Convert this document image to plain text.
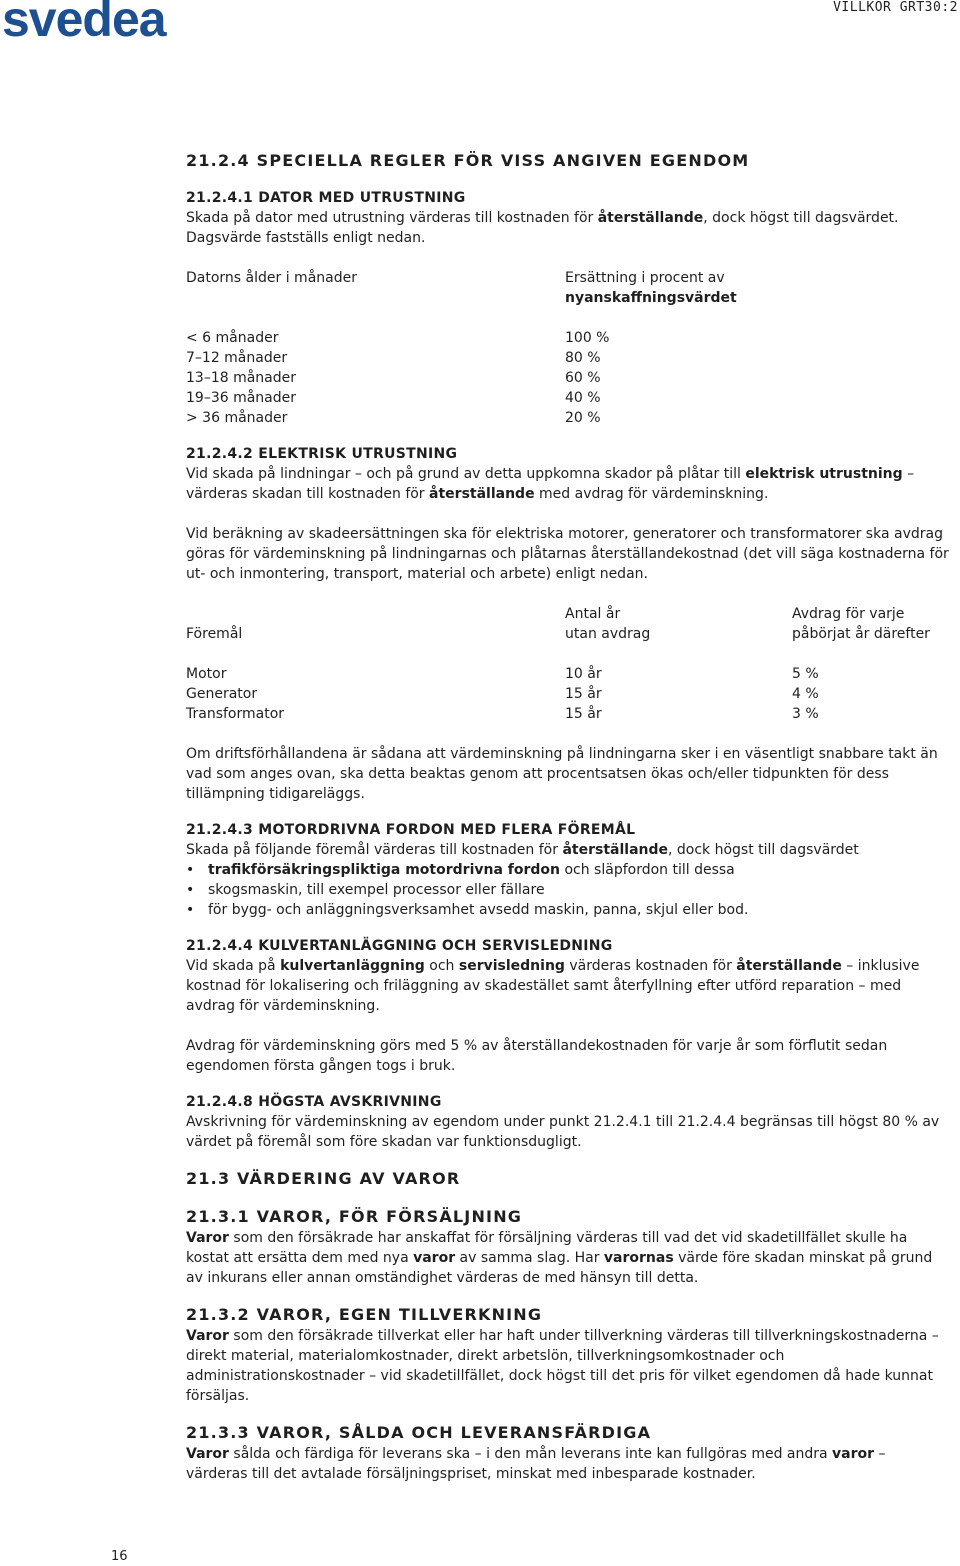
svedea	VILLKOR GRT30:2
21.2.4 SPECIELLA REGLER FÖR VISS ANGIVEN EGENDOM
21.2.4.1 DATOR MED UTRUSTNING

Skada på dator med utrustning värderas till kostnaden för återställande, dock högst till dagsvärdet. Dagsvärde fastställs enligt nedan.

Datorns ålder i månader	Ersättning i procent av
nyanskaffningsvärdet
< 6 månader	100 %
7–12 månader	80 %
13–18 månader	60 %
19–36 månader	40 %
> 36 månader	20 %
21.2.4.2 ELEKTRISK UTRUSTNING

Vid skada på lindningar – och på grund av detta uppkomna skador på plåtar till elektrisk utrustning – värderas skadan till kostnaden för återställande med avdrag för värdeminskning.

Vid beräkning av skadeersättningen ska för elektriska motorer, generatorer och transformatorer ska avdrag göras för värdeminskning på lindningarnas och plåtarnas återställandekostnad (det vill säga kostnaderna för ut- och inmontering, transport, material och arbete) enligt nedan.

Antal år	Avdrag för varje
Föremål	utan avdrag	påbörjat år därefter
Motor	10 år	5 %
Generator	15 år	4 %
Transformator	15 år	3 %

Om driftsförhållandena är sådana att värdeminskning på lindningarna sker i en väsentligt snabbare takt än vad som anges ovan, ska detta beaktas genom att procentsatsen ökas och/eller tidpunkten för dess tillämpning tidigareläggs.

21.2.4.3 MOTORDRIVNA FORDON MED FLERA FÖREMÅL

Skada på följande föremål värderas till kostnaden för återställande, dock högst till dagsvärdet

• trafikförsäkringspliktiga motordrivna fordon och släpfordon till dessa
• skogsmaskin, till exempel processor eller fällare
• för bygg- och anläggningsverksamhet avsedd maskin, panna, skjul eller bod.
21.2.4.4 KULVERTANLÄGGNING OCH SERVISLEDNING

Vid skada på kulvertanläggning och servisledning värderas kostnaden för återställande – inklusive kostnad för lokalisering och friläggning av skadestället samt återfyllning efter utförd reparation – med avdrag för värdeminskning.

Avdrag för värdeminskning görs med 5 % av återställandekostnaden för varje år som förflutit sedan egendomen första gången togs i bruk.

21.2.4.8 HÖGSTA AVSKRIVNING

Avskrivning för värdeminskning av egendom under punkt 21.2.4.1 till 21.2.4.4 begränsas till högst 80 % av värdet på föremål som före skadan var funktionsdugligt.

21.3 VÄRDERING AV VAROR
21.3.1 VAROR, FÖR FÖRSÄLJNING

Varor som den försäkrade har anskaffat för försäljning värderas till vad det vid skadetillfället skulle ha kostat att ersätta dem med nya varor av samma slag. Har varornas värde före skadan minskat på grund av inkurans eller annan omständighet värderas de med hänsyn till detta.

21.3.2 VAROR, EGEN TILLVERKNING

Varor som den försäkrade tillverkat eller har haft under tillverkning värderas till tillverkningskostnaderna – direkt material, materialomkostnader, direkt arbetslön, tillverkningsomkostnader och administrationskostnader – vid skadetillfället, dock högst till det pris för vilket egendomen då hade kunnat försäljas.

21.3.3 VAROR, SÅLDA OCH LEVERANSFÄRDIGA

Varor sålda och färdiga för leverans ska – i den mån leverans inte kan fullgöras med andra varor – värderas till det avtalade försäljningspriset, minskat med inbesparade kostnader.

16
